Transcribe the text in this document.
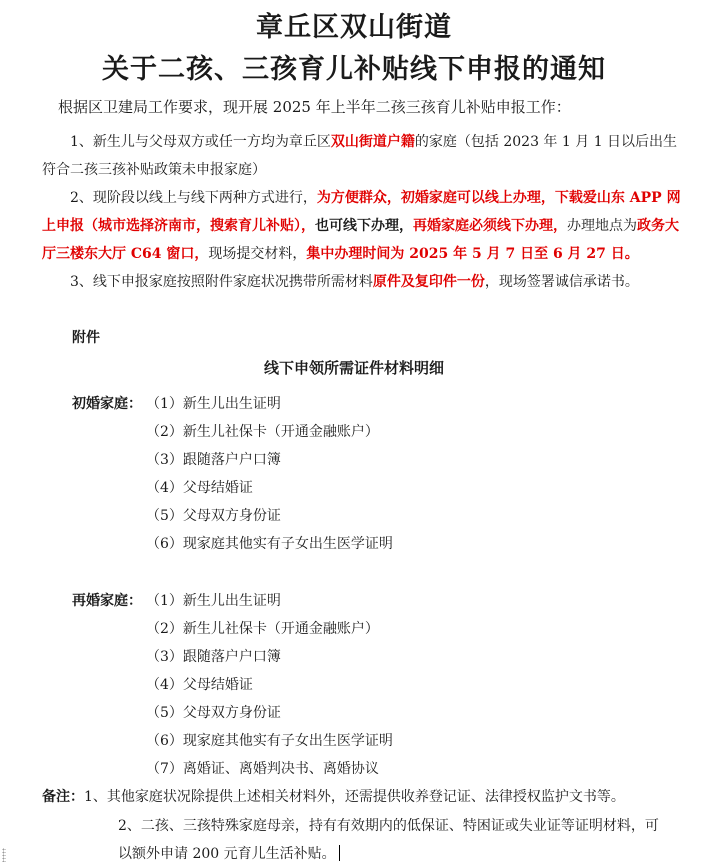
章丘区双山街道
关于二孩、三孩育儿补贴线下申报的通知
根据区卫建局工作要求，现开展 2025 年上半年二孩三孩育儿补贴申报工作：
1、新生儿与父母双方或任一方均为章丘区双山街道户籍的家庭（包括 2023 年 1 月 1 日以后出生符合二孩三孩补贴政策未申报家庭）
2、现阶段以线上与线下两种方式进行，为方便群众，初婚家庭可以线上办理，下载爱山东 APP 网上申报（城市选择济南市，搜索育儿补贴），也可线下办理，再婚家庭必须线下办理，办理地点为政务大厅三楼东大厅 C64 窗口，现场提交材料，集中办理时间为 2025 年 5 月 7 日至 6 月 27 日。
3、线下申报家庭按照附件家庭状况携带所需材料原件及复印件一份，现场签署诚信承诺书。
附件
线下申领所需证件材料明细
初婚家庭： （1）新生儿出生证明
（2）新生儿社保卡（开通金融账户）
（3）跟随落户户口簿
（4）父母结婚证
（5）父母双方身份证
（6）现家庭其他实有子女出生医学证明
再婚家庭： （1）新生儿出生证明
（2）新生儿社保卡（开通金融账户）
（3）跟随落户户口簿
（4）父母结婚证
（5）父母双方身份证
（6）现家庭其他实有子女出生医学证明
（7）离婚证、离婚判决书、离婚协议
备注：1、其他家庭状况除提供上述相关材料外，还需提供收养登记证、法律授权监护文书等。
2、二孩、三孩特殊家庭母亲，持有有效期内的低保证、特困证或失业证等证明材料，可
以额外申请 200 元育儿生活补贴。
